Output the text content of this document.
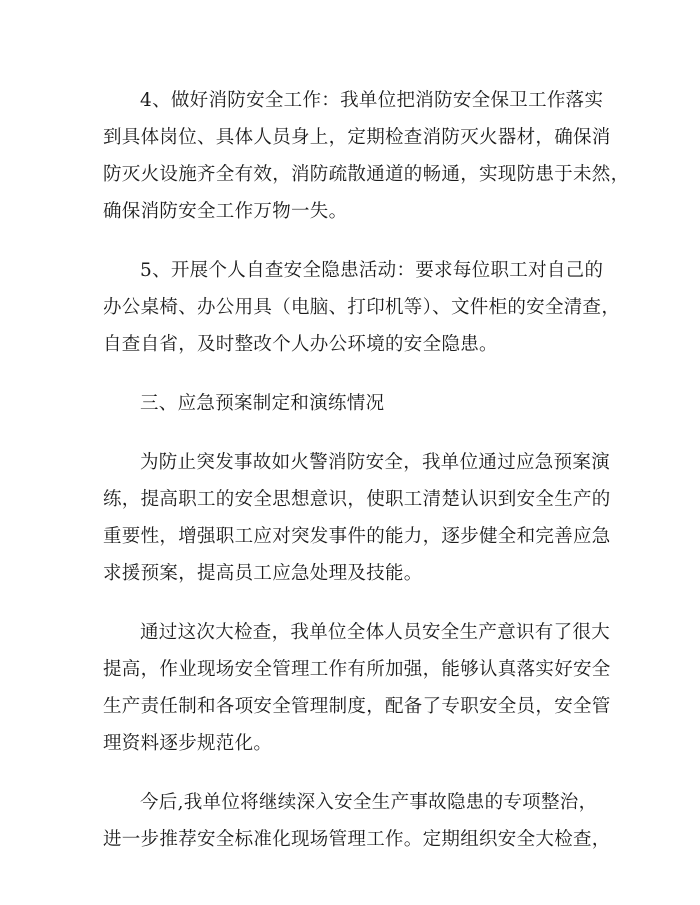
4、做好消防安全工作：我单位把消防安全保卫工作落实
到具体岗位、具体人员身上，定期检查消防灭火器材，确保消
防灭火设施齐全有效，消防疏散通道的畅通，实现防患于未然，
确保消防安全工作万物一失。

5、开展个人自查安全隐患活动：要求每位职工对自己的
办公桌椅、办公用具（电脑、打印机等）、文件柜的安全清查，
自查自省，及时整改个人办公环境的安全隐患。

三、应急预案制定和演练情况

为防止突发事故如火警消防安全，我单位通过应急预案演
练，提高职工的安全思想意识，使职工清楚认识到安全生产的
重要性，增强职工应对突发事件的能力，逐步健全和完善应急
求援预案，提高员工应急处理及技能。

通过这次大检查，我单位全体人员安全生产意识有了很大
提高，作业现场安全管理工作有所加强，能够认真落实好安全
生产责任制和各项安全管理制度，配备了专职安全员，安全管
理资料逐步规范化。

今后,我单位将继续深入安全生产事故隐患的专项整治，
进一步推荐安全标准化现场管理工作。定期组织安全大检查，
